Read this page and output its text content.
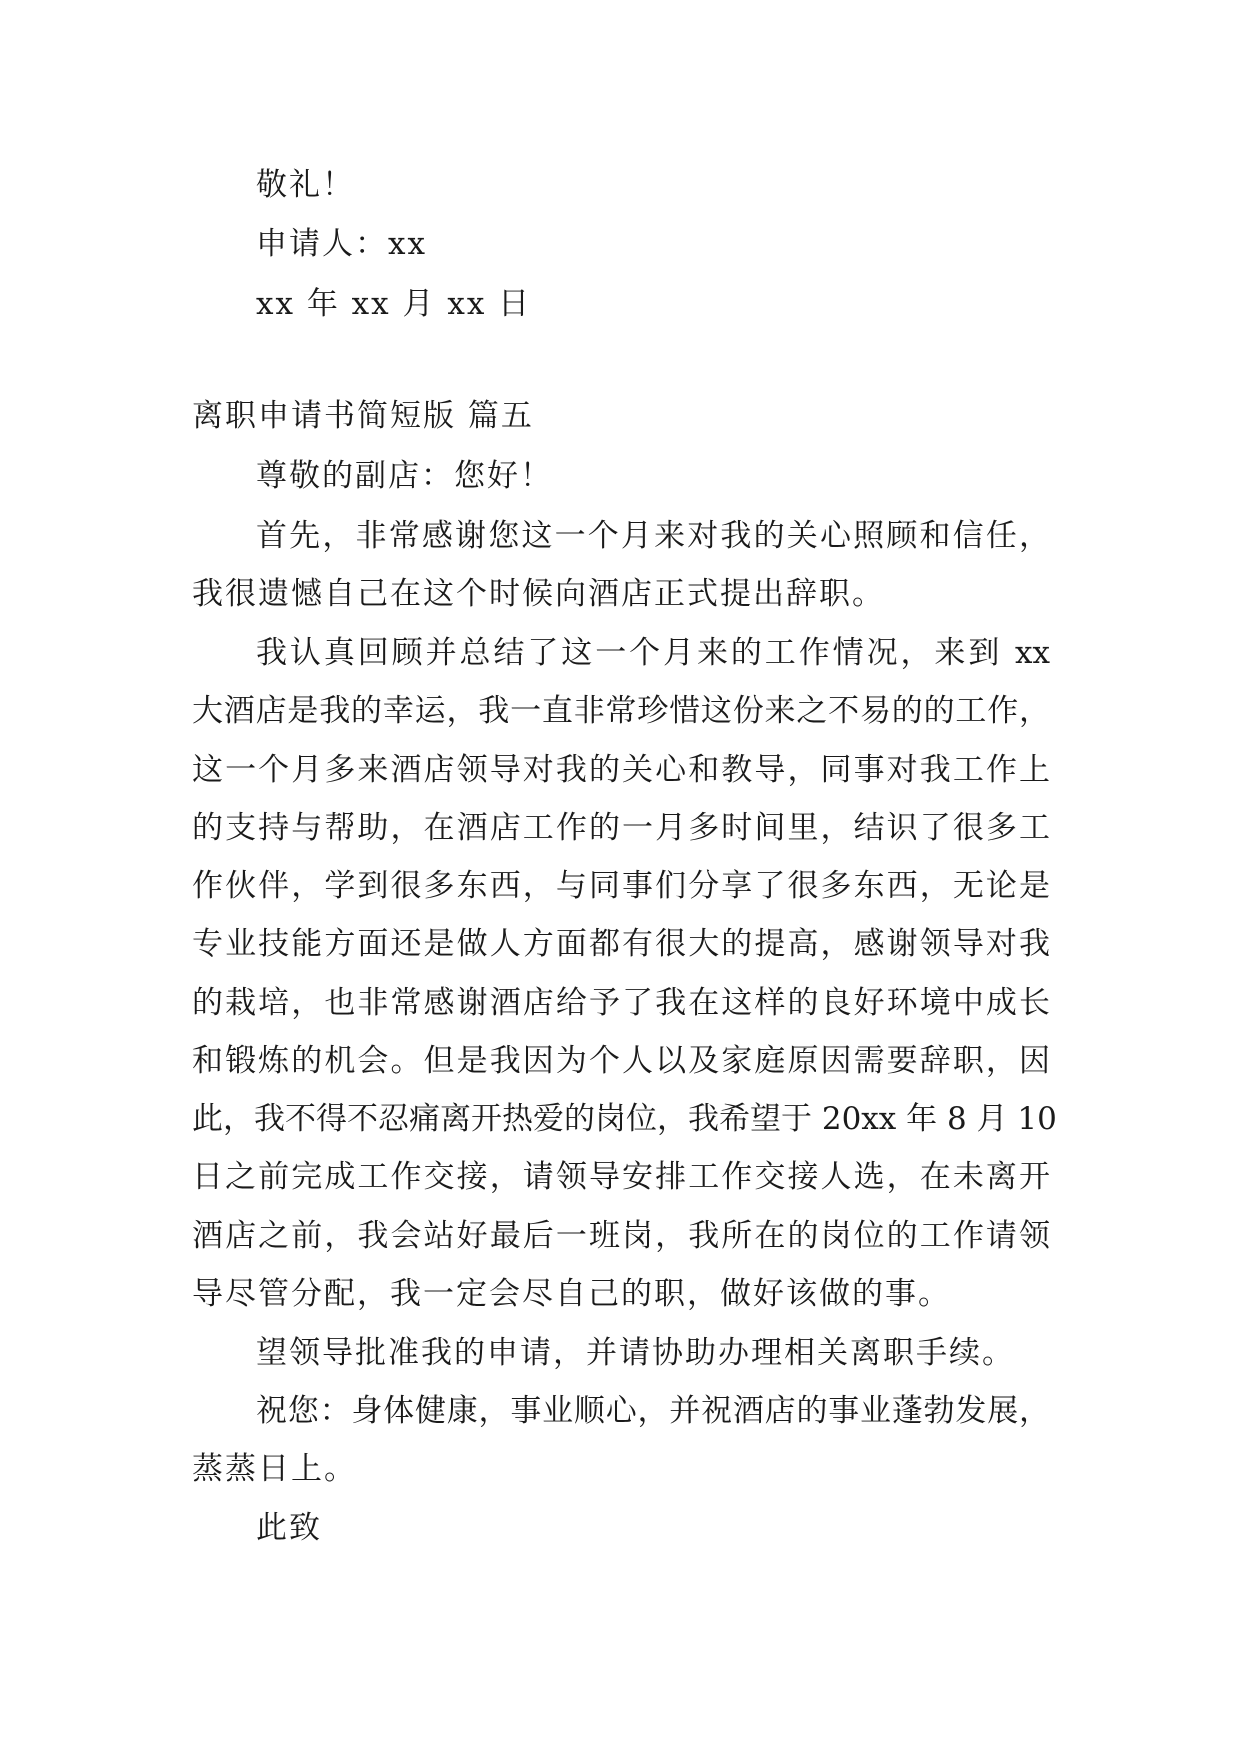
敬礼！
申请人：xx
xx 年 xx 月 xx 日
离职申请书简短版 篇五
尊敬的副店：您好！
首先，非常感谢您这一个月来对我的关心照顾和信任，
我很遗憾自己在这个时候向酒店正式提出辞职。
我认真回顾并总结了这一个月来的工作情况，来到 xx
大酒店是我的幸运，我一直非常珍惜这份来之不易的的工作，
这一个月多来酒店领导对我的关心和教导，同事对我工作上
的支持与帮助，在酒店工作的一月多时间里，结识了很多工
作伙伴，学到很多东西，与同事们分享了很多东西，无论是
专业技能方面还是做人方面都有很大的提高，感谢领导对我
的栽培，也非常感谢酒店给予了我在这样的良好环境中成长
和锻炼的机会。但是我因为个人以及家庭原因需要辞职，因
此，我不得不忍痛离开热爱的岗位，我希望于 20xx 年 8 月 10
日之前完成工作交接，请领导安排工作交接人选，在未离开
酒店之前，我会站好最后一班岗，我所在的岗位的工作请领
导尽管分配，我一定会尽自己的职，做好该做的事。
望领导批准我的申请，并请协助办理相关离职手续。
祝您：身体健康，事业顺心，并祝酒店的事业蓬勃发展，
蒸蒸日上。
此致
